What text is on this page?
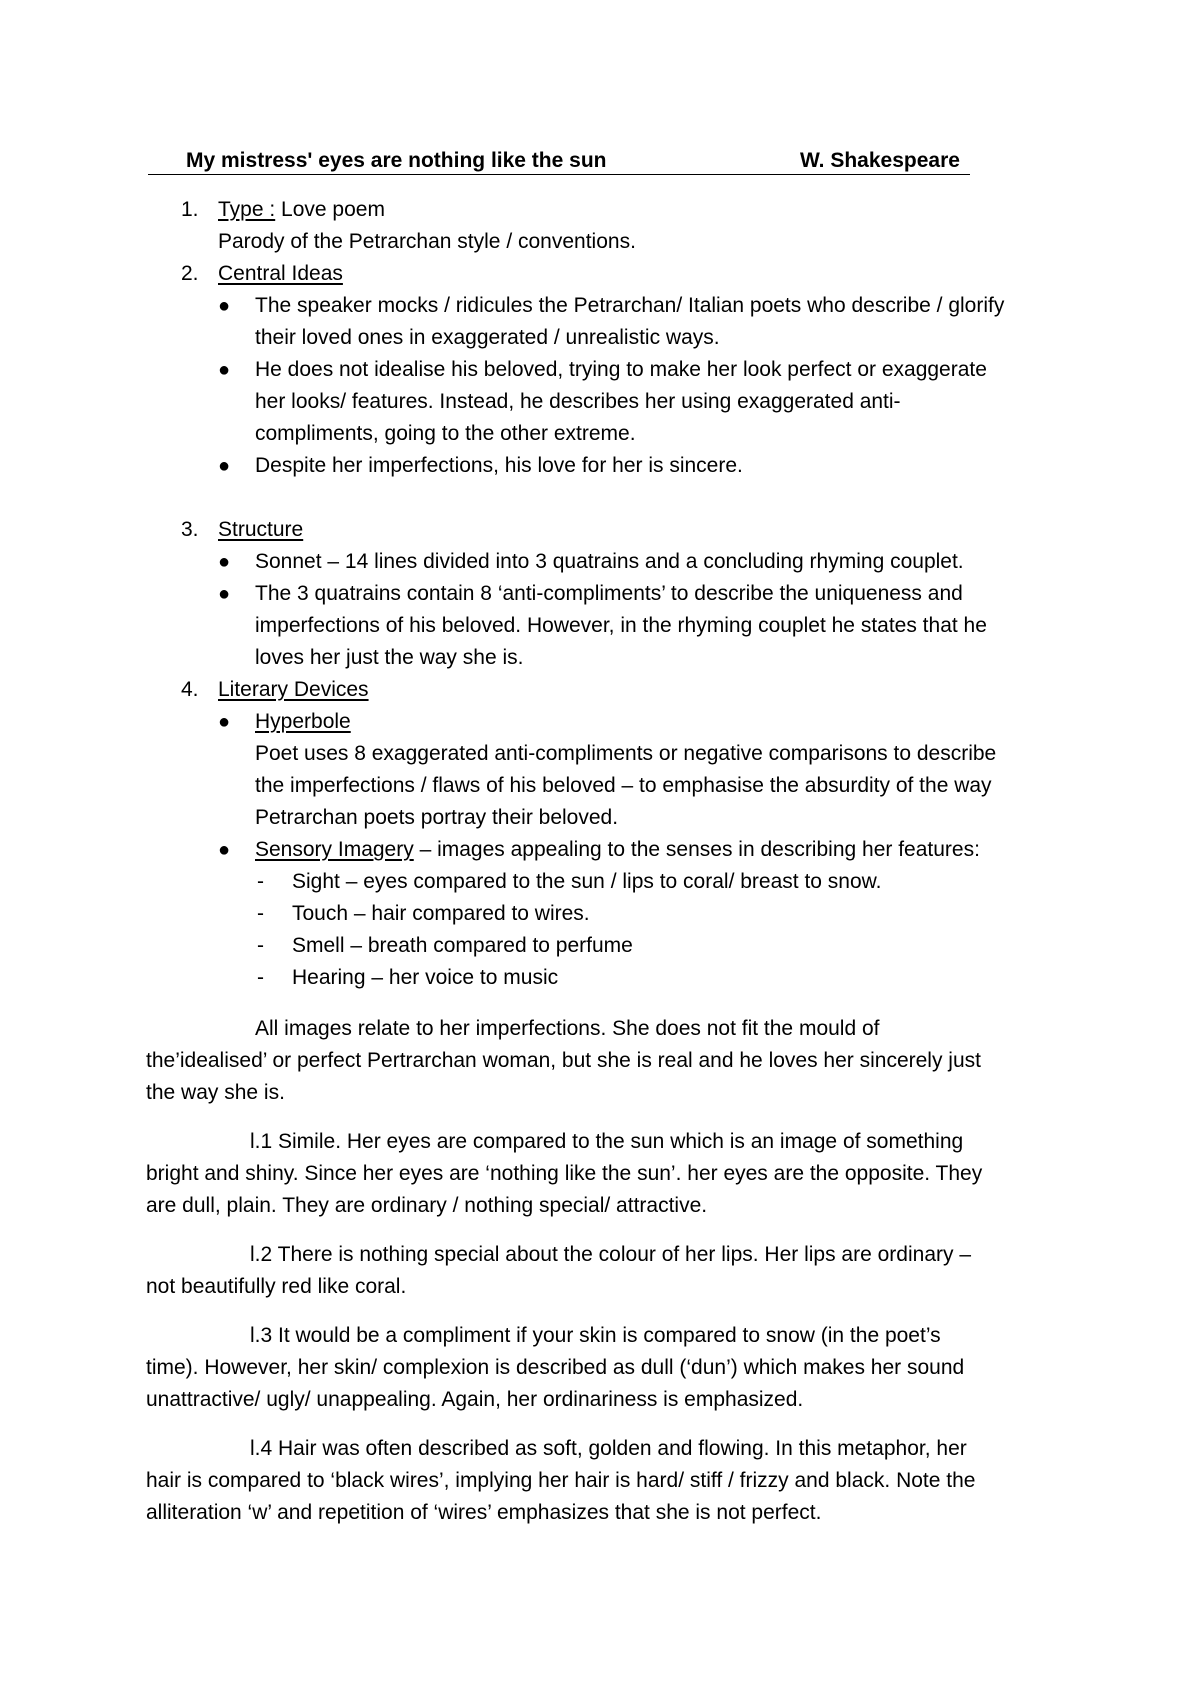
My mistress' eyes are nothing like the sun	W. Shakespeare
1. Type : Love poem
Parody of the Petrarchan style / conventions.
2. Central Ideas
● The speaker mocks / ridicules the Petrarchan/ Italian poets who describe / glorify
their loved ones in exaggerated / unrealistic ways.
● He does not idealise his beloved, trying to make her look perfect or exaggerate
her looks/ features. Instead, he describes her using exaggerated anti-
compliments, going to the other extreme.
● Despite her imperfections, his love for her is sincere.
3. Structure
● Sonnet – 14 lines divided into 3 quatrains and a concluding rhyming couplet.
● The 3 quatrains contain 8 ‘anti-compliments’ to describe the uniqueness and
imperfections of his beloved. However, in the rhyming couplet he states that he
loves her just the way she is.
4. Literary Devices
● Hyperbole
Poet uses 8 exaggerated anti-compliments or negative comparisons to describe
the imperfections / flaws of his beloved – to emphasise the absurdity of the way
Petrarchan poets portray their beloved.
● Sensory Imagery – images appealing to the senses in describing her features:
- Sight – eyes compared to the sun / lips to coral/ breast to snow.
- Touch – hair compared to wires.
- Smell – breath compared to perfume
- Hearing – her voice to music
All images relate to her imperfections. She does not fit the mould of
the’idealised’ or perfect Pertrarchan woman, but she is real and he loves her sincerely just
the way she is.
l.1 Simile. Her eyes are compared to the sun which is an image of something
bright and shiny. Since her eyes are ‘nothing like the sun’. her eyes are the opposite. They
are dull, plain. They are ordinary / nothing special/ attractive.
l.2 There is nothing special about the colour of her lips. Her lips are ordinary –
not beautifully red like coral.
l.3 It would be a compliment if your skin is compared to snow (in the poet’s
time). However, her skin/ complexion is described as dull (‘dun’) which makes her sound
unattractive/ ugly/ unappealing. Again, her ordinariness is emphasized.
l.4 Hair was often described as soft, golden and flowing. In this metaphor, her
hair is compared to ‘black wires’, implying her hair is hard/ stiff / frizzy and black. Note the
alliteration ‘w’ and repetition of ‘wires’ emphasizes that she is not perfect.
